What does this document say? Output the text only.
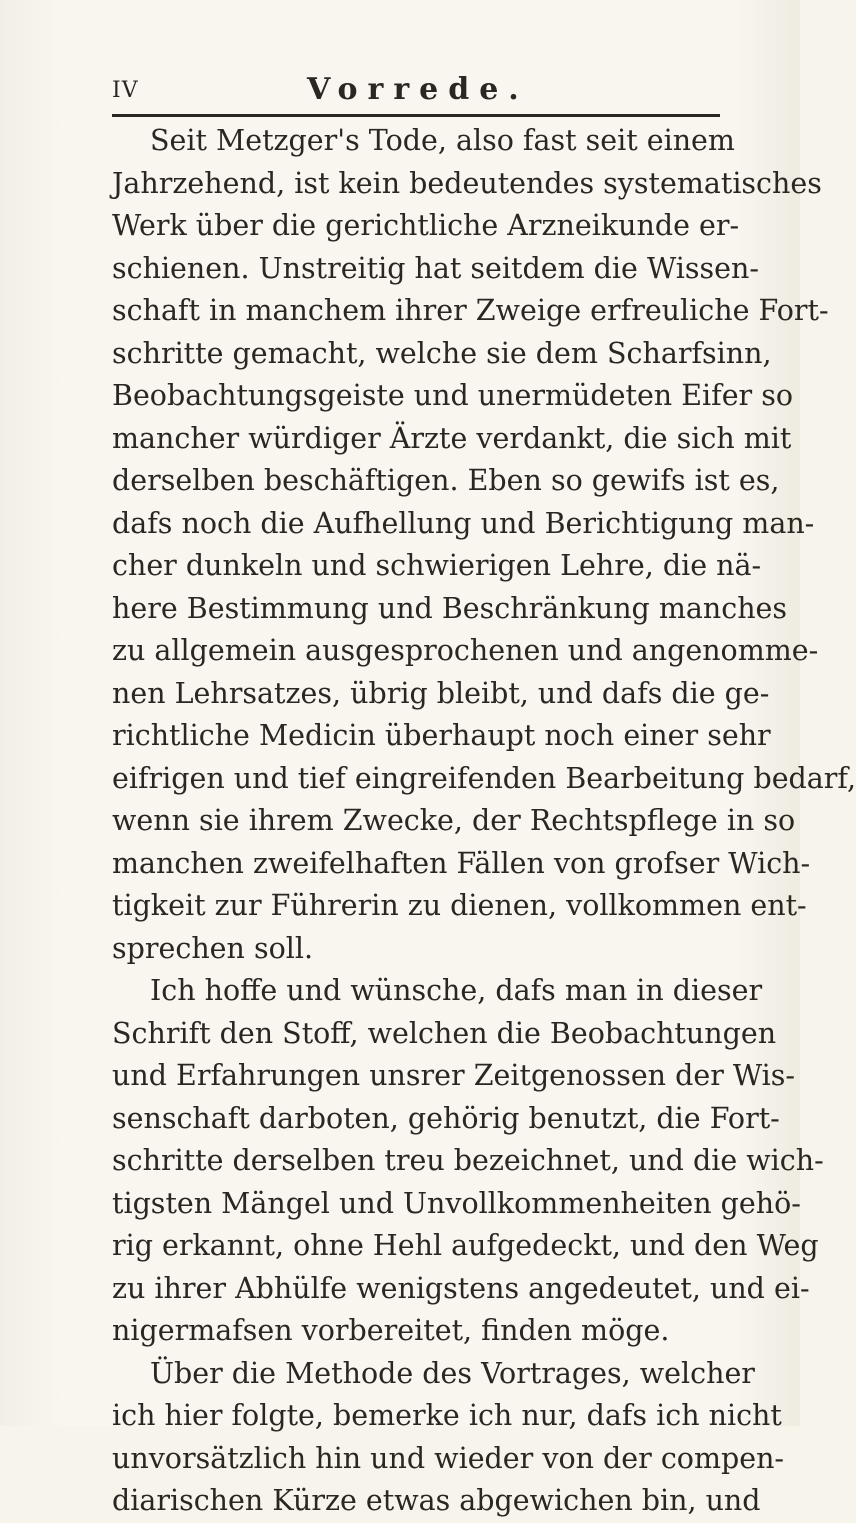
IV	Vorrede.
Seit Metzger's Tode, also fast seit einem
Jahrzehend, ist kein bedeutendes systematisches
Werk über die gerichtliche Arzneikunde er-
schienen. Unstreitig hat seitdem die Wissen-
schaft in manchem ihrer Zweige erfreuliche Fort-
schritte gemacht, welche sie dem Scharfsinn,
Beobachtungsgeiste und unermüdeten Eifer so
mancher würdiger Ärzte verdankt, die sich mit
derselben beschäftigen. Eben so gewifs ist es,
dafs noch die Aufhellung und Berichtigung man-
cher dunkeln und schwierigen Lehre, die nä-
here Bestimmung und Beschränkung manches
zu allgemein ausgesprochenen und angenomme-
nen Lehrsatzes, übrig bleibt, und dafs die ge-
richtliche Medicin überhaupt noch einer sehr
eifrigen und tief eingreifenden Bearbeitung bedarf,
wenn sie ihrem Zwecke, der Rechtspflege in so
manchen zweifelhaften Fällen von grofser Wich-
tigkeit zur Führerin zu dienen, vollkommen ent-
sprechen soll.
Ich hoffe und wünsche, dafs man in dieser
Schrift den Stoff, welchen die Beobachtungen
und Erfahrungen unsrer Zeitgenossen der Wis-
senschaft darboten, gehörig benutzt, die Fort-
schritte derselben treu bezeichnet, und die wich-
tigsten Mängel und Unvollkommenheiten gehö-
rig erkannt, ohne Hehl aufgedeckt, und den Weg
zu ihrer Abhülfe wenigstens angedeutet, und ei-
nigermafsen vorbereitet, finden möge.
Über die Methode des Vortrages, welcher
ich hier folgte, bemerke ich nur, dafs ich nicht
unvorsätzlich hin und wieder von der compen-
diarischen Kürze etwas abgewichen bin, und
